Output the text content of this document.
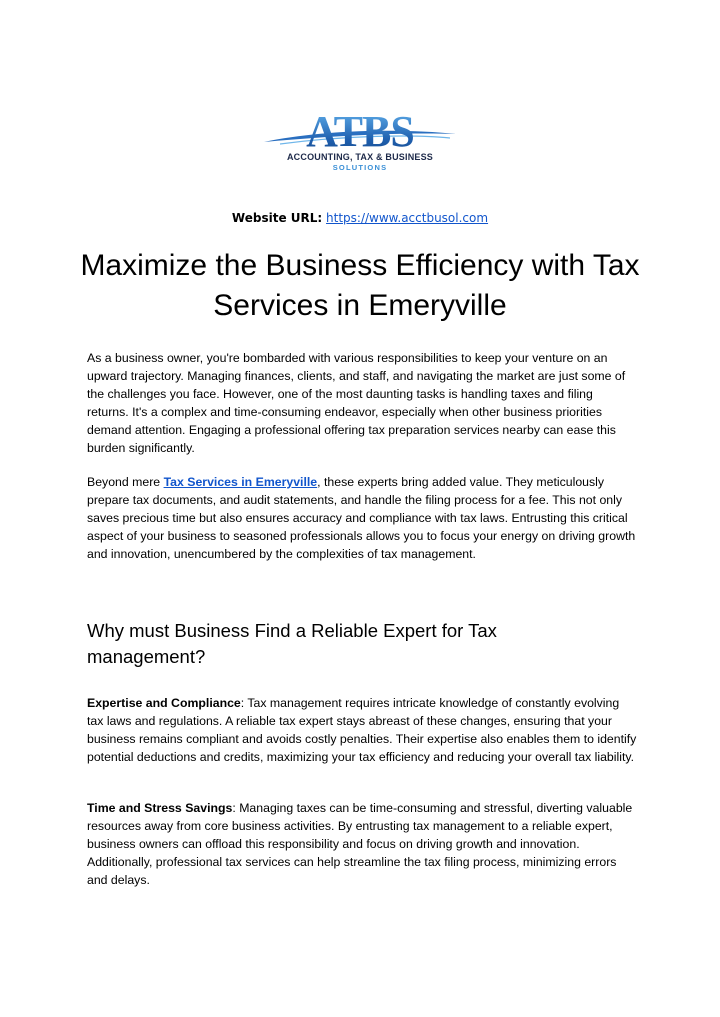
ATBS
ACCOUNTING, TAX & BUSINESS
SOLUTIONS
Website URL: https://www.acctbusol.com
Maximize the Business Efficiency with Tax Services in Emeryville

As a business owner, you're bombarded with various responsibilities to keep your venture on an upward trajectory. Managing finances, clients, and staff, and navigating the market are just some of the challenges you face. However, one of the most daunting tasks is handling taxes and filing returns. It's a complex and time-consuming endeavor, especially when other business priorities demand attention. Engaging a professional offering tax preparation services nearby can ease this burden significantly.

Beyond mere Tax Services in Emeryville, these experts bring added value. They meticulously prepare tax documents, and audit statements, and handle the filing process for a fee. This not only saves precious time but also ensures accuracy and compliance with tax laws. Entrusting this critical aspect of your business to seasoned professionals allows you to focus your energy on driving growth and innovation, unencumbered by the complexities of tax management.

Why must Business Find a Reliable Expert for Tax management?

Expertise and Compliance: Tax management requires intricate knowledge of constantly evolving tax laws and regulations. A reliable tax expert stays abreast of these changes, ensuring that your business remains compliant and avoids costly penalties. Their expertise also enables them to identify potential deductions and credits, maximizing your tax efficiency and reducing your overall tax liability.

Time and Stress Savings: Managing taxes can be time-consuming and stressful, diverting valuable resources away from core business activities. By entrusting tax management to a reliable expert, business owners can offload this responsibility and focus on driving growth and innovation. Additionally, professional tax services can help streamline the tax filing process, minimizing errors and delays.
